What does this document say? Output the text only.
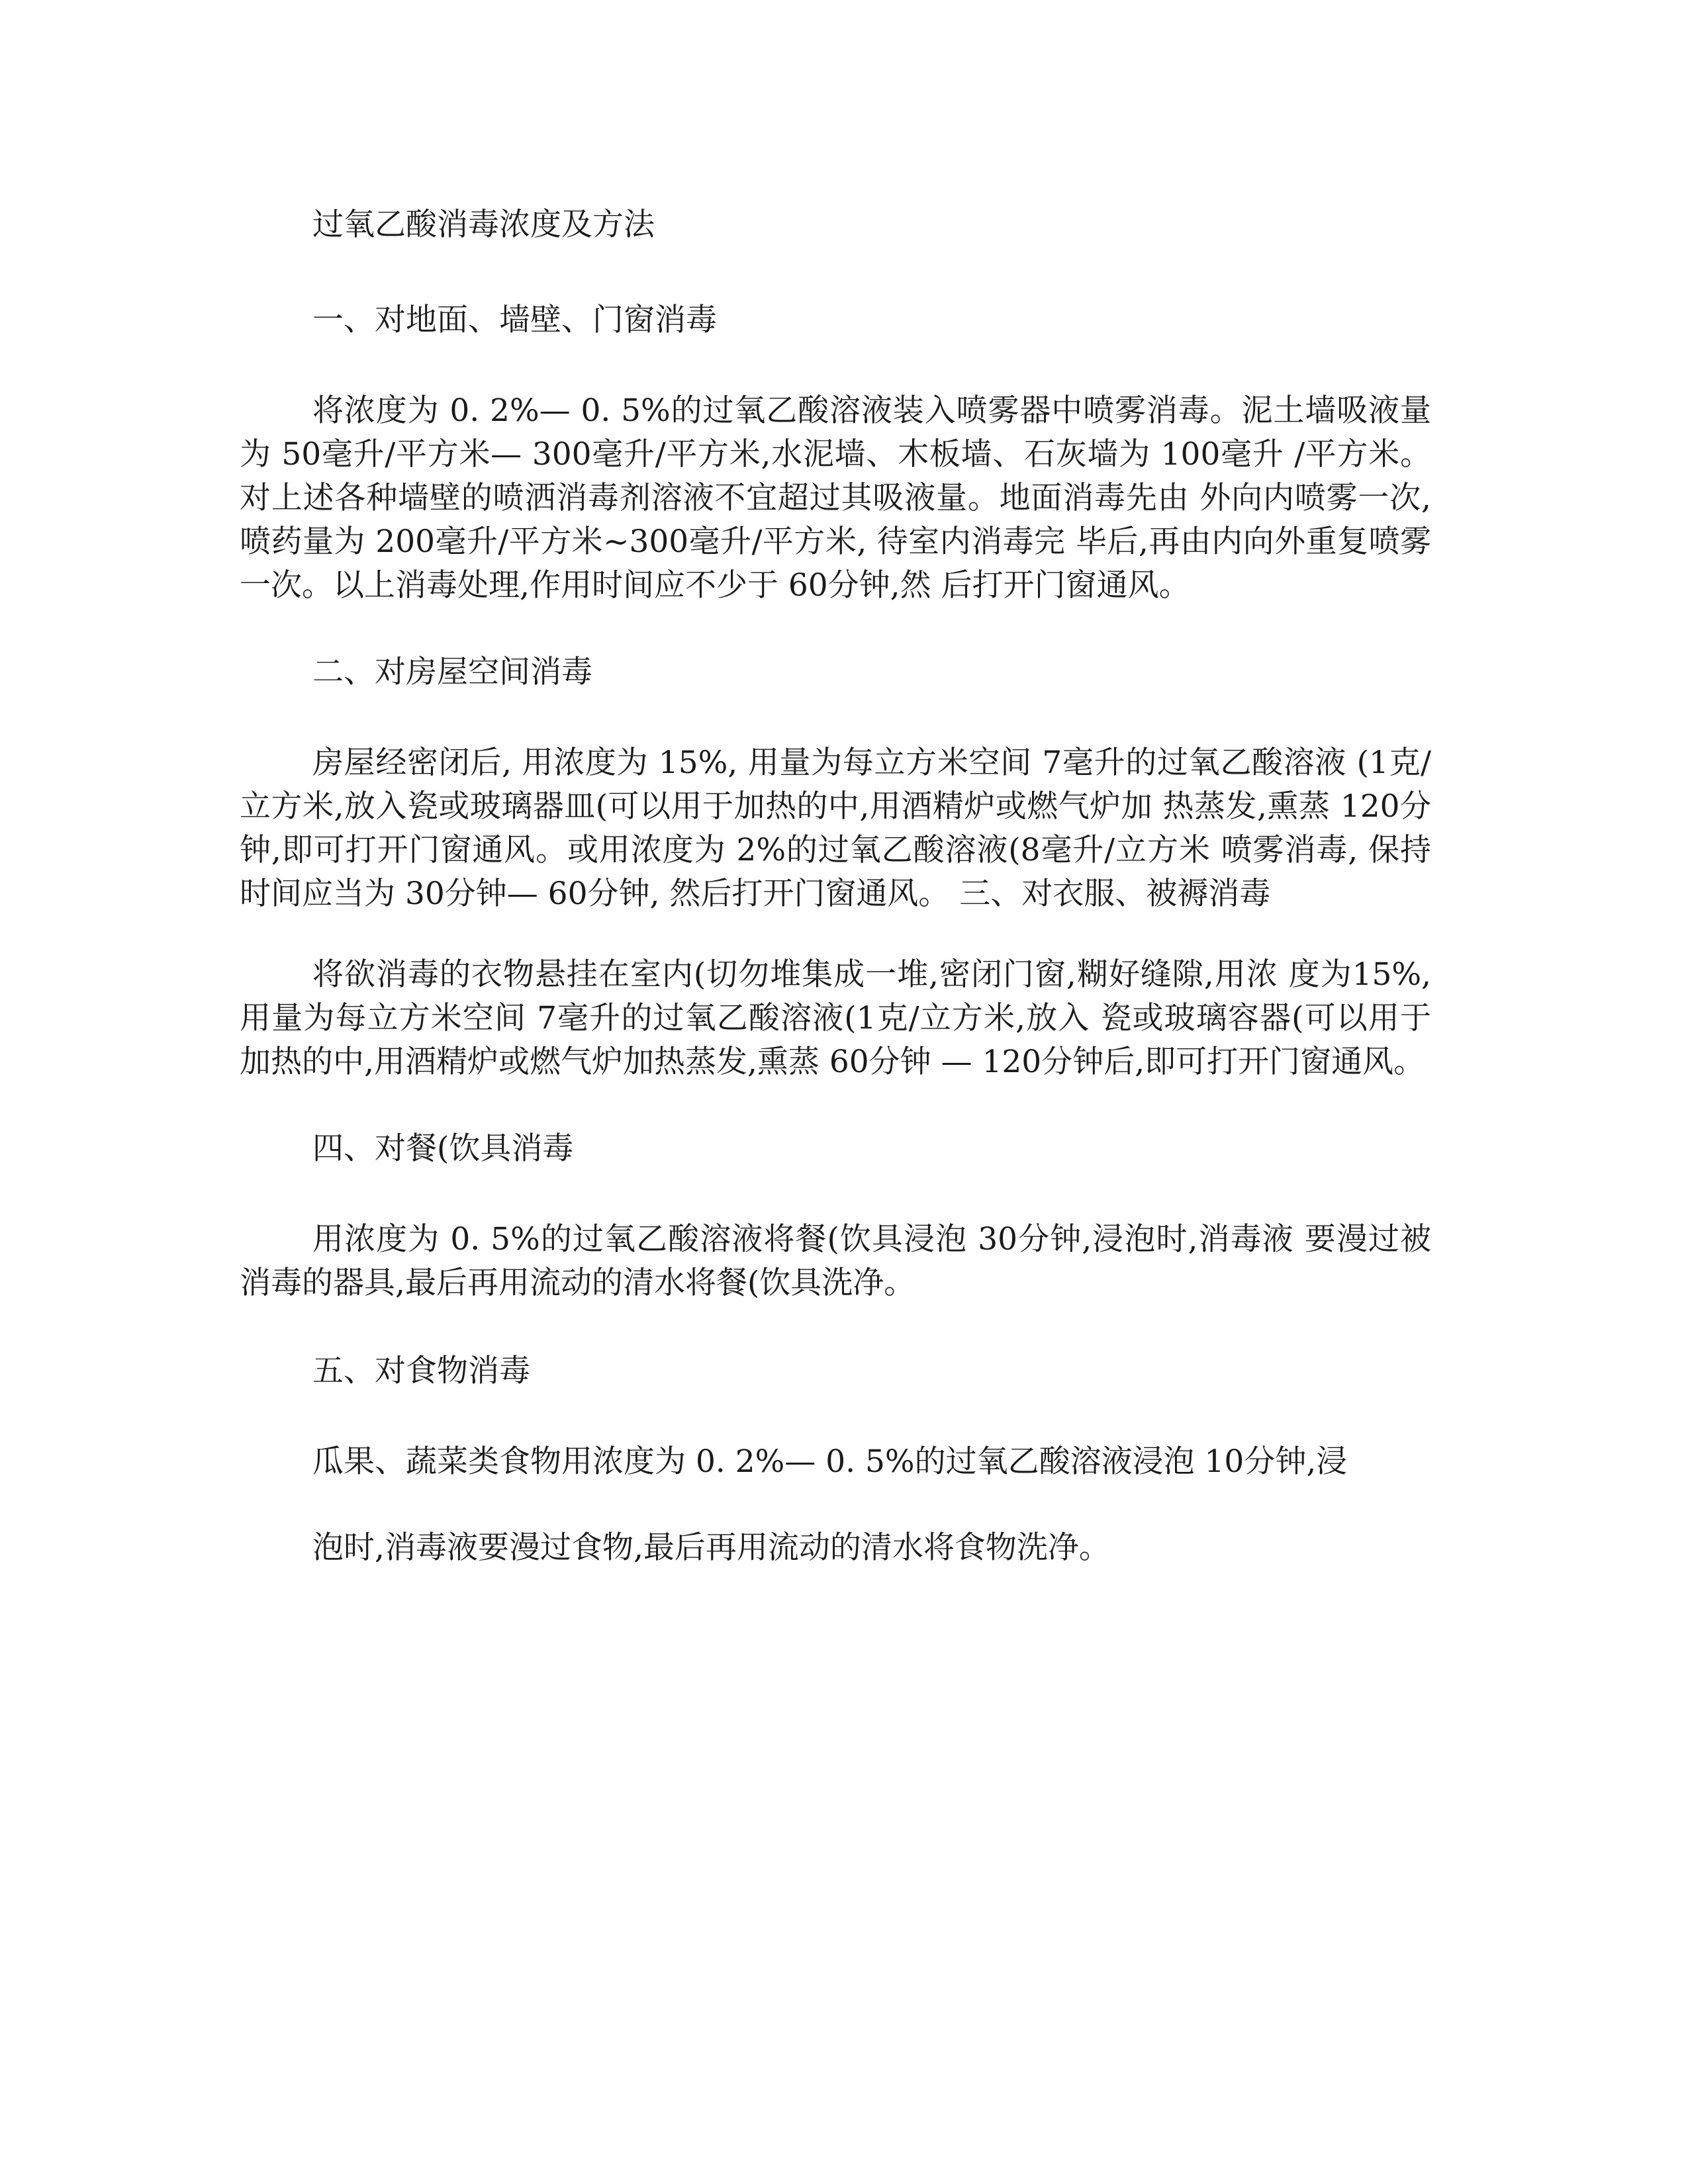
过氧乙酸消毒浓度及方法

一、对地面、墙壁、门窗消毒

将浓度为 0. 2%— 0. 5%的过氧乙酸溶液装入喷雾器中喷雾消毒。泥土墙吸液量为 50毫升/平方米— 300毫升/平方米,水泥墙、木板墙、石灰墙为 100毫升 /平方米。对上述各种墙壁的喷洒消毒剂溶液不宜超过其吸液量。地面消毒先由 外向内喷雾一次, 喷药量为 200毫升/平方米~300毫升/平方米, 待室内消毒完 毕后,再由内向外重复喷雾一次。以上消毒处理,作用时间应不少于 60分钟,然 后打开门窗通风。

二、对房屋空间消毒

房屋经密闭后, 用浓度为 15%, 用量为每立方米空间 7毫升的过氧乙酸溶液 (1克/立方米,放入瓷或玻璃器皿(可以用于加热的中,用酒精炉或燃气炉加 热蒸发,熏蒸 120分钟,即可打开门窗通风。或用浓度为 2%的过氧乙酸溶液(8毫升/立方米 喷雾消毒, 保持时间应当为 30分钟— 60分钟, 然后打开门窗通风。 三、对衣服、被褥消毒

将欲消毒的衣物悬挂在室内(切勿堆集成一堆,密闭门窗,糊好缝隙,用浓 度为15%,用量为每立方米空间 7毫升的过氧乙酸溶液(1克/立方米,放入 瓷或玻璃容器(可以用于加热的中,用酒精炉或燃气炉加热蒸发,熏蒸 60分钟 — 120分钟后,即可打开门窗通风。

四、对餐(饮具消毒

用浓度为 0. 5%的过氧乙酸溶液将餐(饮具浸泡 30分钟,浸泡时,消毒液 要漫过被消毒的器具,最后再用流动的清水将餐(饮具洗净。

五、对食物消毒

瓜果、蔬菜类食物用浓度为 0. 2%— 0. 5%的过氧乙酸溶液浸泡 10分钟,浸

泡时,消毒液要漫过食物,最后再用流动的清水将食物洗净。
